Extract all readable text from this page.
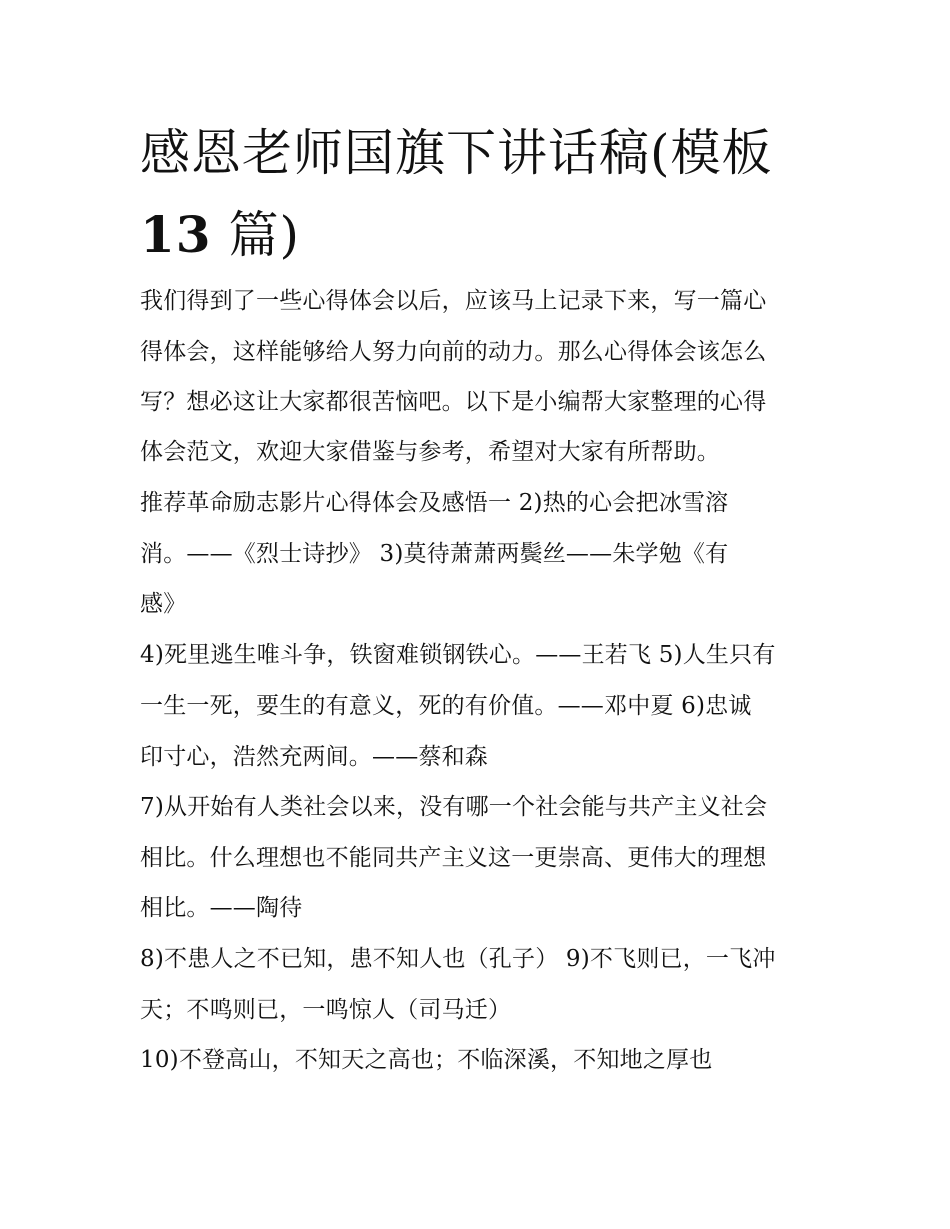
感恩老师国旗下讲话稿(模板
13 篇)

我们得到了一些心得体会以后，应该马上记录下来，写一篇心

得体会，这样能够给人努力向前的动力。那么心得体会该怎么

写？想必这让大家都很苦恼吧。以下是小编帮大家整理的心得

体会范文，欢迎大家借鉴与参考，希望对大家有所帮助。

推荐革命励志影片心得体会及感悟一 2)热的心会把冰雪溶

消。——《烈士诗抄》 3)莫待萧萧两鬓丝——朱学勉《有

感》

4)死里逃生唯斗争，铁窗难锁钢铁心。——王若飞 5)人生只有

一生一死，要生的有意义，死的有价值。——邓中夏 6)忠诚

印寸心，浩然充两间。——蔡和森

7)从开始有人类社会以来，没有哪一个社会能与共产主义社会

相比。什么理想也不能同共产主义这一更崇高、更伟大的理想

相比。——陶待

8)不患人之不已知，患不知人也（孔子） 9)不飞则已，一飞冲

天；不鸣则已，一鸣惊人（司马迁）

10)不登高山，不知天之高也；不临深溪，不知地之厚也
